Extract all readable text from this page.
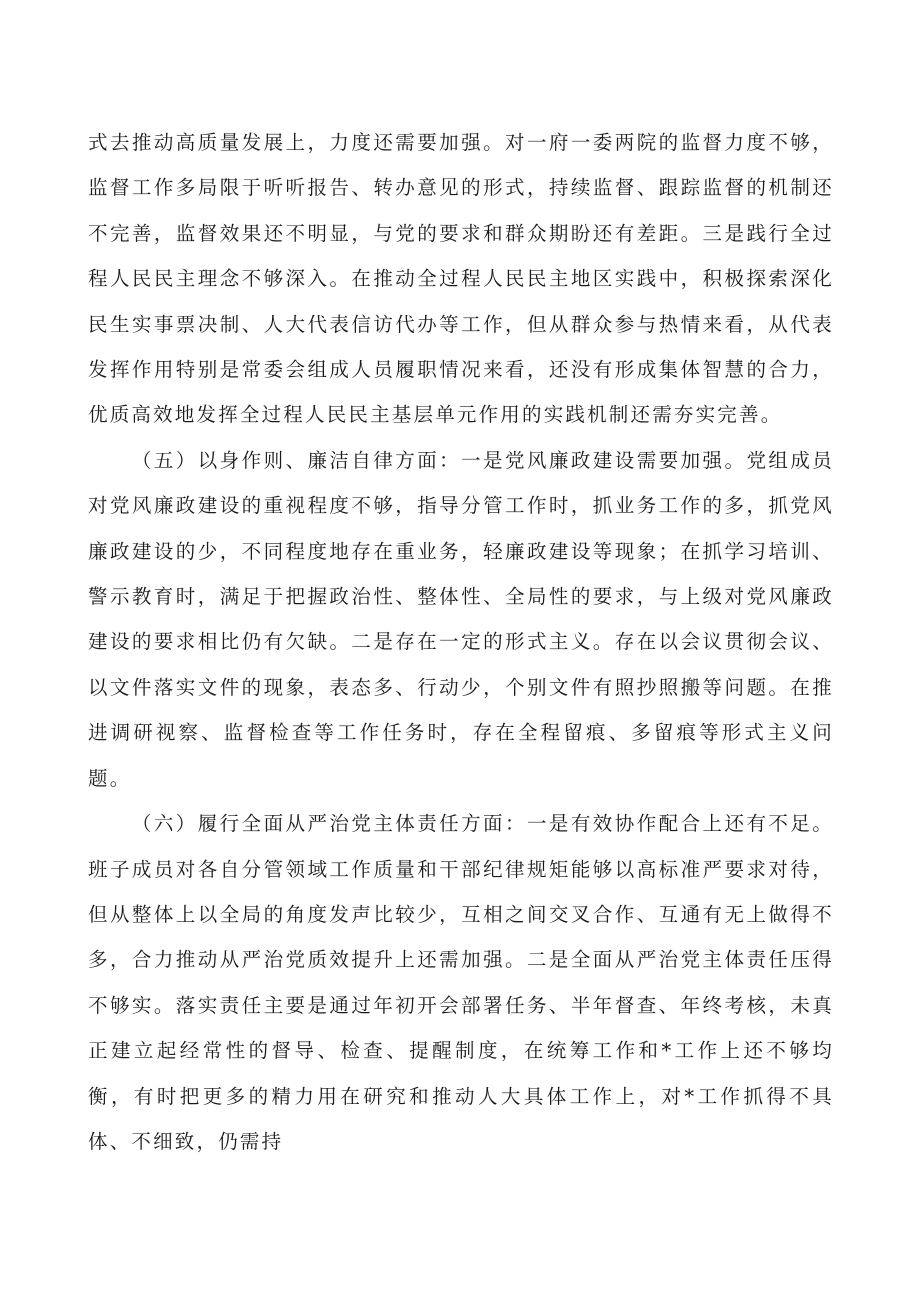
式去推动高质量发展上，力度还需要加强。对一府一委两院的监督力度不够，监督工作多局限于听听报告、转办意见的形式，持续监督、跟踪监督的机制还不完善，监督效果还不明显，与党的要求和群众期盼还有差距。三是践行全过程人民民主理念不够深入。在推动全过程人民民主地区实践中，积极探索深化民生实事票决制、人大代表信访代办等工作，但从群众参与热情来看，从代表发挥作用特别是常委会组成人员履职情况来看，还没有形成集体智慧的合力，优质高效地发挥全过程人民民主基层单元作用的实践机制还需夯实完善。

（五）以身作则、廉洁自律方面：一是党风廉政建设需要加强。党组成员对党风廉政建设的重视程度不够，指导分管工作时，抓业务工作的多，抓党风廉政建设的少，不同程度地存在重业务，轻廉政建设等现象；在抓学习培训、警示教育时，满足于把握政治性、整体性、全局性的要求，与上级对党风廉政建设的要求相比仍有欠缺。二是存在一定的形式主义。存在以会议贯彻会议、以文件落实文件的现象，表态多、行动少，个别文件有照抄照搬等问题。在推进调研视察、监督检查等工作任务时，存在全程留痕、多留痕等形式主义问题。

（六）履行全面从严治党主体责任方面：一是有效协作配合上还有不足。班子成员对各自分管领域工作质量和干部纪律规矩能够以高标准严要求对待，但从整体上以全局的角度发声比较少，互相之间交叉合作、互通有无上做得不多，合力推动从严治党质效提升上还需加强。二是全面从严治党主体责任压得不够实。落实责任主要是通过年初开会部署任务、半年督查、年终考核，未真正建立起经常性的督导、检查、提醒制度，在统筹工作和*工作上还不够均衡，有时把更多的精力用在研究和推动人大具体工作上，对*工作抓得不具体、不细致，仍需持
